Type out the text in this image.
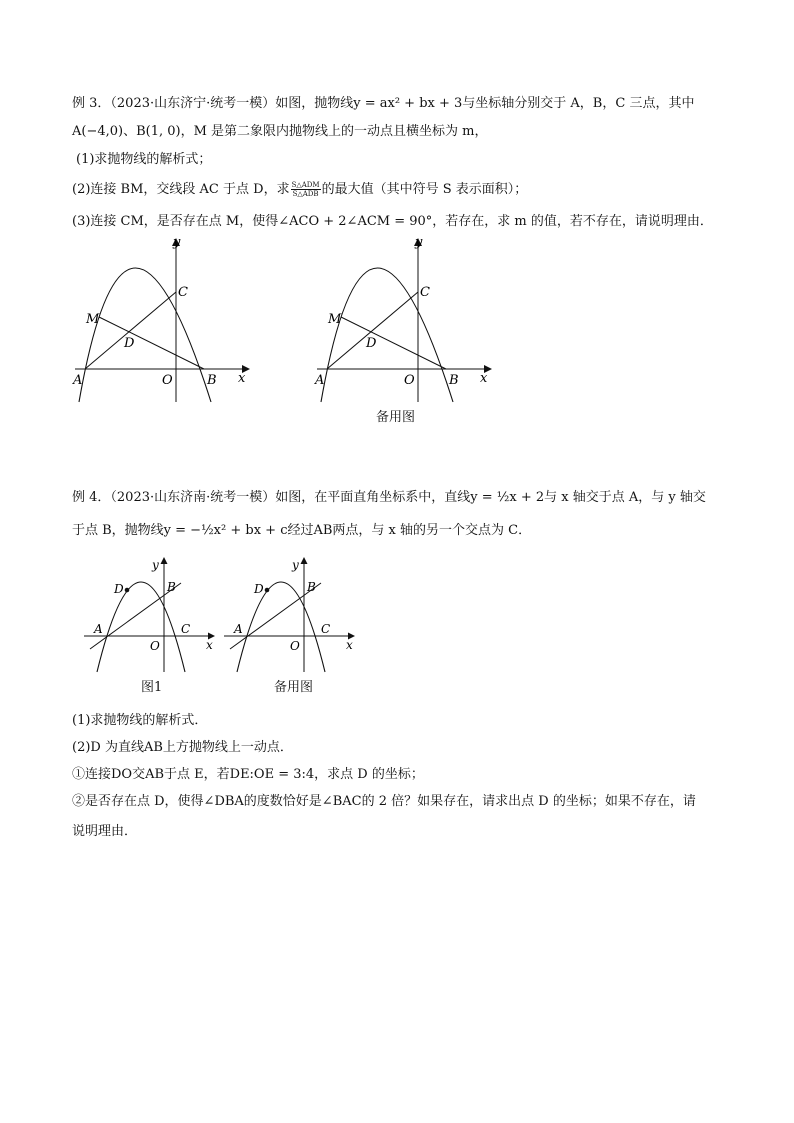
例 3．（2023·山东济宁·统考一模）如图，抛物线y = ax² + bx + 3与坐标轴分别交于 A，B，C 三点，其中
A(−4,0)、B(1, 0)，M 是第二象限内抛物线上的一动点且横坐标为 m，
(1)求抛物线的解析式；
(2)连接 BM，交线段 AC 于点 D，求 S△ADM
S△ADB 的最大值（其中符号 S 表示面积）；
(3)连接 CM，是否存在点 M，使得∠ACO + 2∠ACM = 90°，若存在，求 m 的值，若不存在，请说明理由．
y
x
A	B
C
O
M
D
y
x
A	B
C
O
M
D
备用图
例 4．（2023·山东济南·统考一模）如图，在平面直角坐标系中，直线y = ½x + 2与 x 轴交于点 A，与 y 轴交
于点 B，抛物线y = −½x² + bx + c经过AB两点，与 x 轴的另一个交点为 C．
y
x
A
B
C
O
D
图1
y
x
A
B
C
O
D
备用图
(1)求抛物线的解析式．
(2)D 为直线AB上方抛物线上一动点．
①连接DO交AB于点 E，若DE:OE = 3:4，求点 D 的坐标；
②是否存在点 D，使得∠DBA的度数恰好是∠BAC的 2 倍？如果存在，请求出点 D 的坐标；如果不存在，请
说明理由．
